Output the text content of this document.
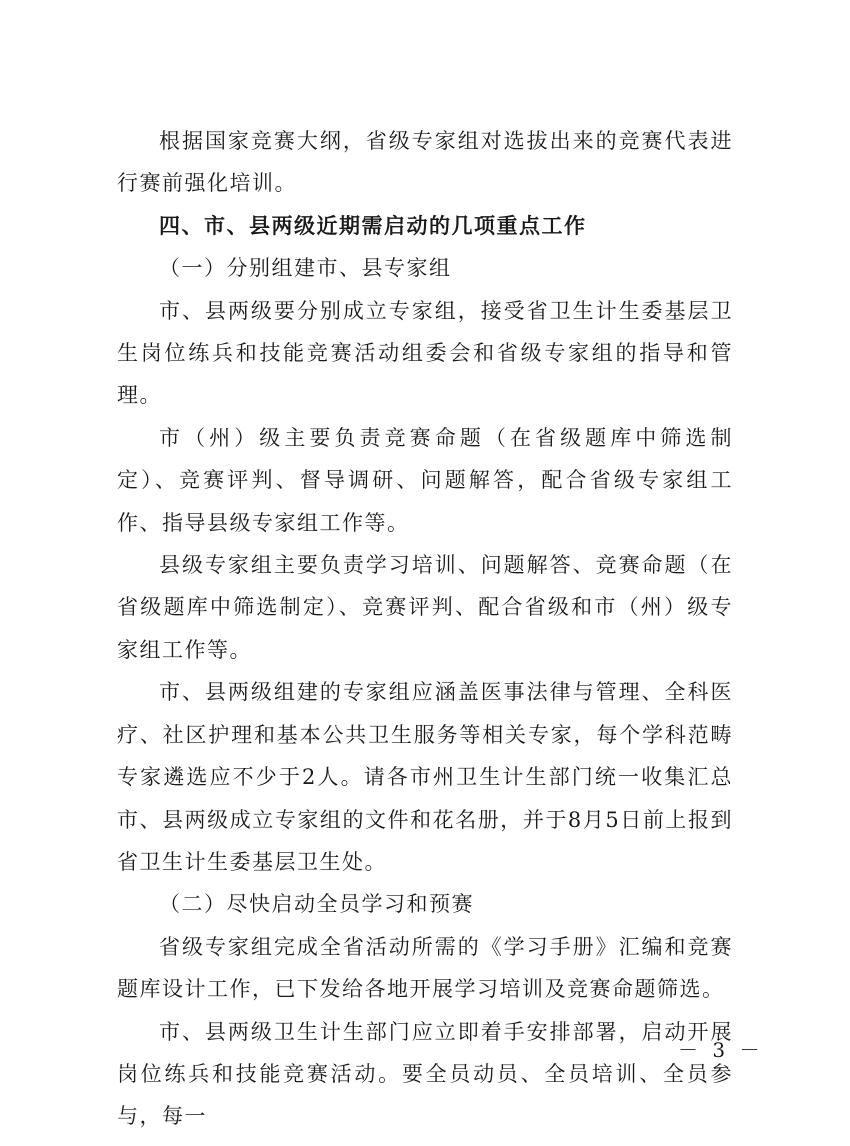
根据国家竞赛大纲，省级专家组对选拔出来的竞赛代表进行赛前强化培训。

四、市、县两级近期需启动的几项重点工作

（一）分别组建市、县专家组

市、县两级要分别成立专家组，接受省卫生计生委基层卫生岗位练兵和技能竞赛活动组委会和省级专家组的指导和管理。

市（州）级主要负责竞赛命题（在省级题库中筛选制定）、竞赛评判、督导调研、问题解答，配合省级专家组工作、指导县级专家组工作等。

县级专家组主要负责学习培训、问题解答、竞赛命题（在省级题库中筛选制定）、竞赛评判、配合省级和市（州）级专家组工作等。

市、县两级组建的专家组应涵盖医事法律与管理、全科医疗、社区护理和基本公共卫生服务等相关专家，每个学科范畴专家遴选应不少于2人。请各市州卫生计生部门统一收集汇总市、县两级成立专家组的文件和花名册，并于8月5日前上报到省卫生计生委基层卫生处。

（二）尽快启动全员学习和预赛

省级专家组完成全省活动所需的《学习手册》汇编和竞赛题库设计工作，已下发给各地开展学习培训及竞赛命题筛选。

市、县两级卫生计生部门应立即着手安排部署，启动开展岗位练兵和技能竞赛活动。要全员动员、全员培训、全员参与，每一

－ 3 －
